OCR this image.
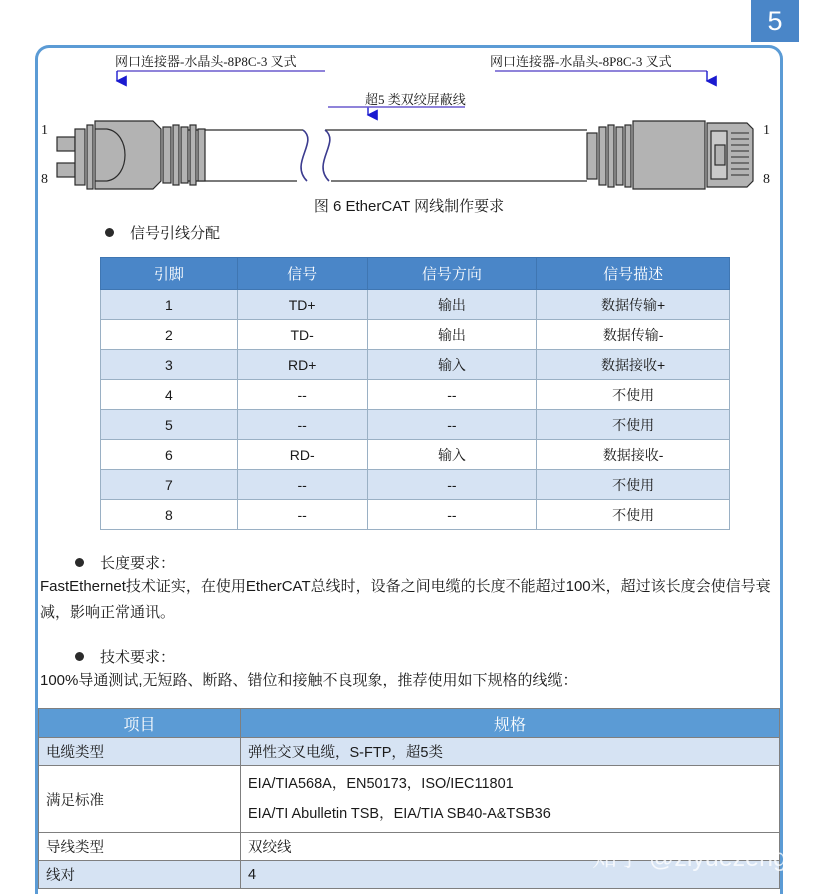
5
网口连接器-水晶头-8P8C-3 叉式	网口连接器-水晶头-8P8C-3 叉式
超5 类双绞屏蔽线
1
8
1
8
图 6 EtherCAT 网线制作要求
信号引线分配
引脚	信号	信号方向	信号描述
1	TD+	输出	数据传输+
2	TD-	输出	数据传输-
3	RD+	输入	数据接收+
4	--	--	不使用
5	--	--	不使用
6	RD-	输入	数据接收-
7	--	--	不使用
8	--	--	不使用
长度要求：
FastEthernet技术证实，在使用EtherCAT总线时，设备之间电缆的长度不能超过100米，超过该长度会使信号衰减，影响正常通讯。
技术要求：
100%导通测试,无短路、断路、错位和接触不良现象，推荐使用如下规格的线缆：
项目	规格
电缆类型	弹性交叉电缆，S-FTP，超5类
满足标准	EIA/TIA568A，EN50173，ISO/IEC11801
EIA/TI Abulletin TSB，EIA/TIA SB40-A&TSB36

导线类型	双绞线
线对	4
知乎 @ziyuezeng
